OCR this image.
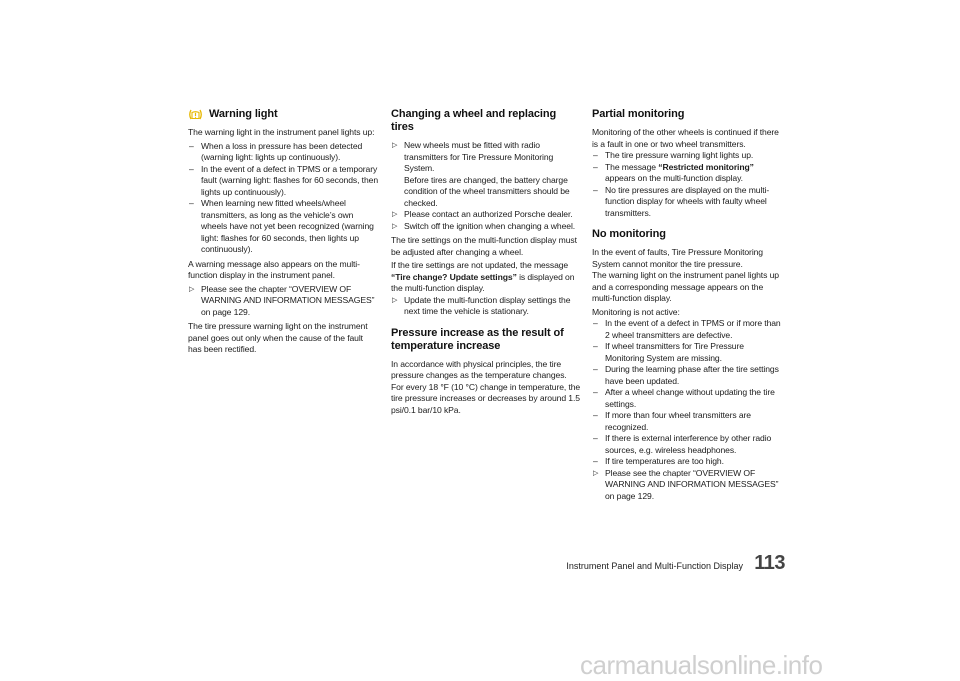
Warning light

The warning light in the instrument panel lights up:

– When a loss in pressure has been detected (warning light: lights up continuously).
– In the event of a defect in TPMS or a temporary fault (warning light: flashes for 60 seconds, then lights up continuously).
– When learning new fitted wheels/wheel transmitters, as long as the vehicle’s own wheels have not yet been recognized (warning light: flashes for 60 seconds, then lights up continuously).

A warning message also appears on the multi-function display in the instrument panel.

▷ Please see the chapter “OVERVIEW OF WARNING AND INFORMATION MESSAGES” on page 129.

The tire pressure warning light on the instrument panel goes out only when the cause of the fault has been rectified.

Changing a wheel and replacing tires
▷ New wheels must be fitted with radio transmitters for Tire Pressure Monitoring System.
Before tires are changed, the battery charge condition of the wheel transmitters should be checked.
▷ Please contact an authorized Porsche dealer.
▷ Switch off the ignition when changing a wheel.

The tire settings on the multi-function display must be adjusted after changing a wheel.

If the tire settings are not updated, the message “Tire change? Update settings” is displayed on the multi-function display.

▷ Update the multi-function display settings the next time the vehicle is stationary.
Pressure increase as the result of temperature increase

In accordance with physical principles, the tire pressure changes as the temperature changes. For every 18 °F (10 °C) change in temperature, the tire pressure increases or decreases by around 1.5 psi/0.1 bar/10 kPa.

Partial monitoring

Monitoring of the other wheels is continued if there is a fault in one or two wheel transmitters.

– The tire pressure warning light lights up.
– The message “Restricted monitoring” appears on the multi-function display.
– No tire pressures are displayed on the multi-function display for wheels with faulty wheel transmitters.
No monitoring

In the event of faults, Tire Pressure Monitoring System cannot monitor the tire pressure.

The warning light on the instrument panel lights up and a corresponding message appears on the multi-function display.

Monitoring is not active:

– In the event of a defect in TPMS or if more than 2 wheel transmitters are defective.
– If wheel transmitters for Tire Pressure Monitoring System are missing.
– During the learning phase after the tire settings have been updated.
– After a wheel change without updating the tire settings.
– If more than four wheel transmitters are recognized.
– If there is external interference by other radio sources, e.g. wireless headphones.
– If tire temperatures are too high.
▷ Please see the chapter “OVERVIEW OF WARNING AND INFORMATION MESSAGES” on page 129.
Instrument Panel and Multi-Function Display 113
carmanualsonline.info
